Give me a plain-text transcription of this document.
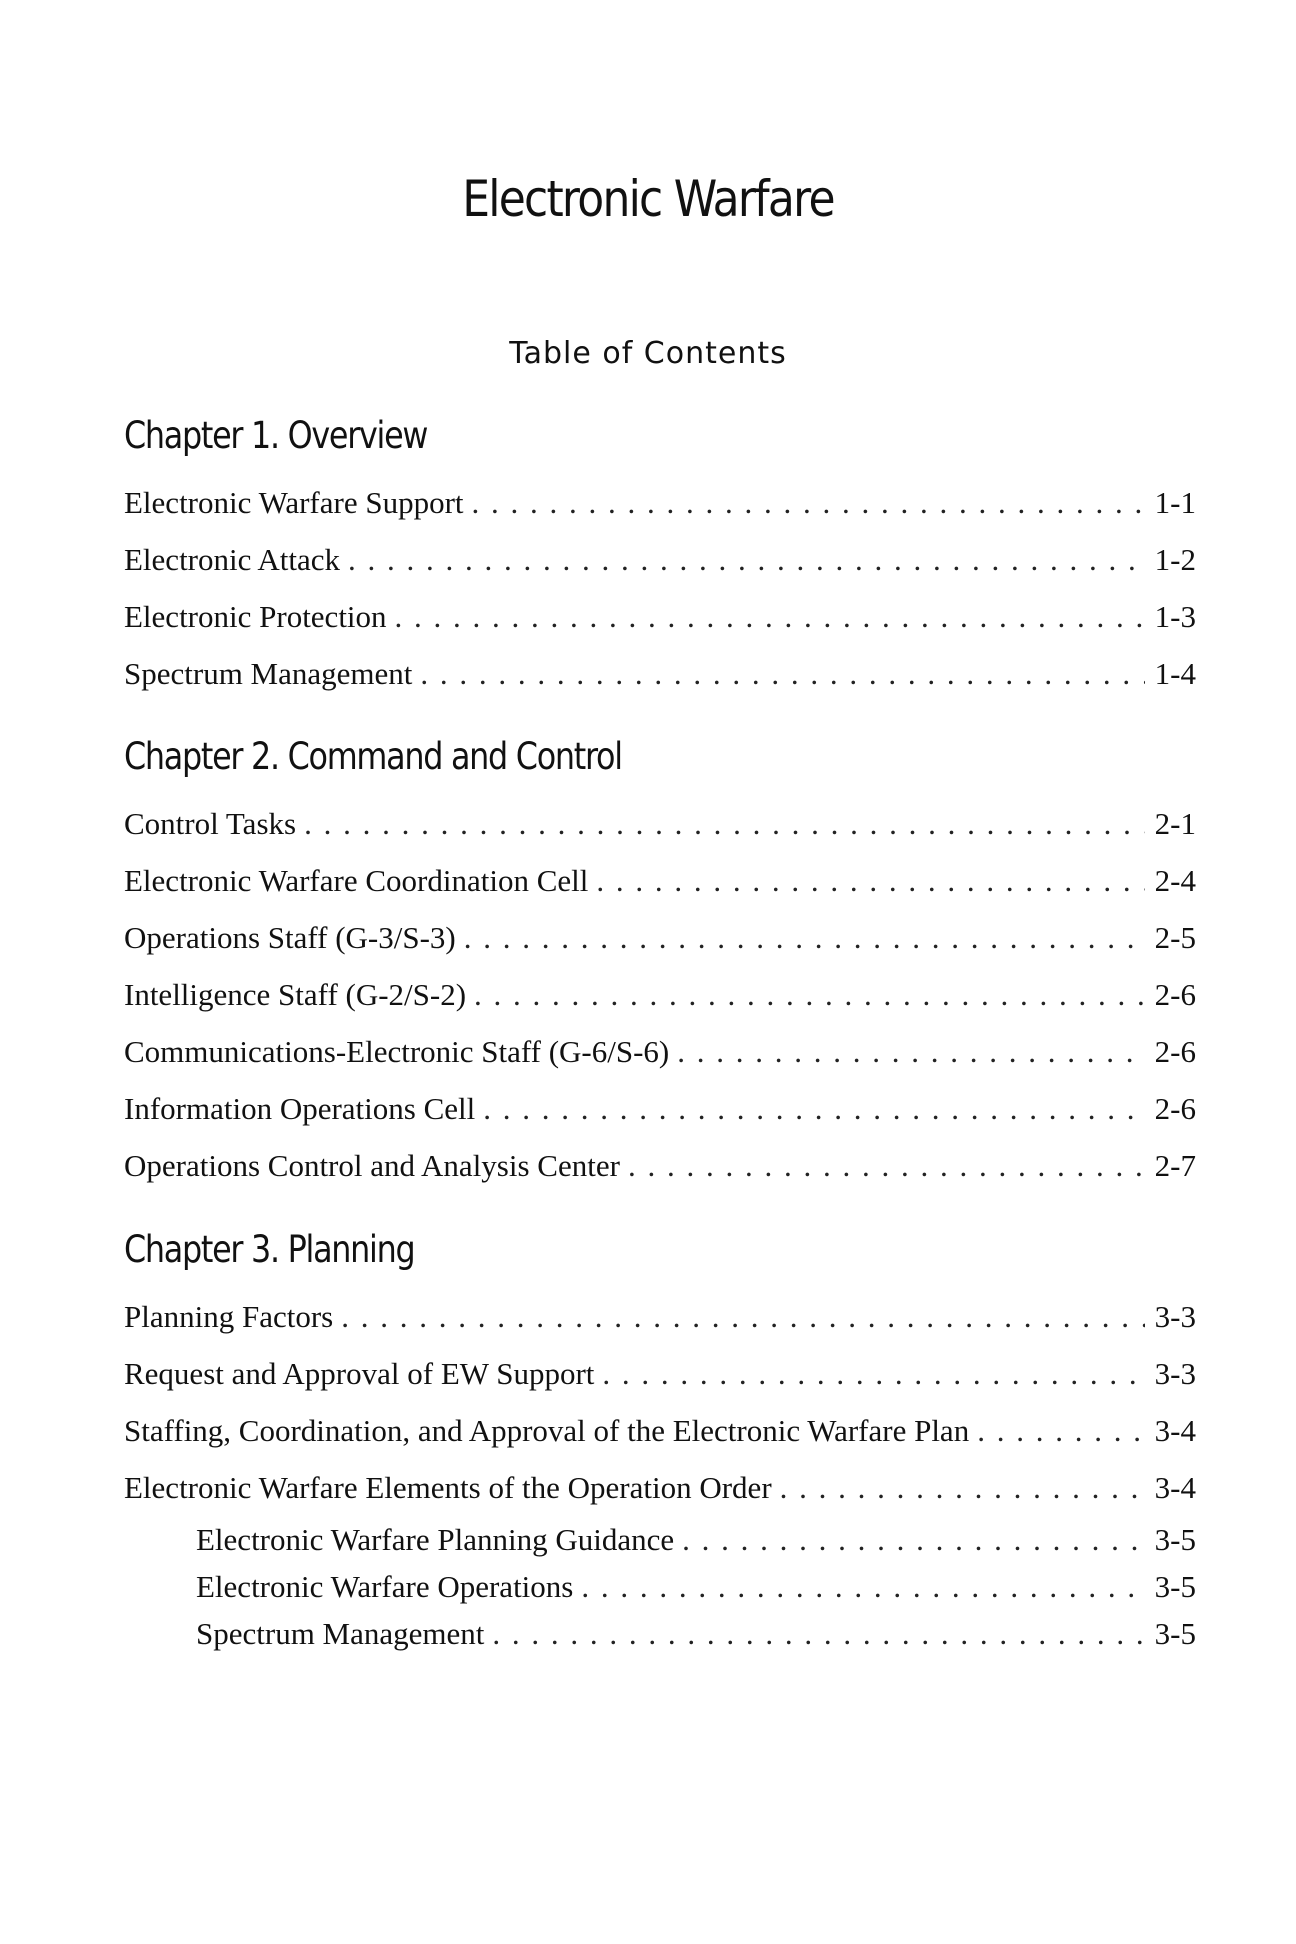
Electronic Warfare
Table of Contents
Chapter 1. Overview
Electronic Warfare Support . . .	1-1
Electronic Attack . . .	1-2
Electronic Protection . . .	1-3
Spectrum Management . . .	1-4
Chapter 2. Command and Control
Control Tasks . . .	2-1
Electronic Warfare Coordination Cell . . .	2-4
Operations Staff (G-3/S-3) . . .	2-5
Intelligence Staff (G-2/S-2) . . .	2-6
Communications-Electronic Staff (G-6/S-6) . . .	2-6
Information Operations Cell . . .	2-6
Operations Control and Analysis Center . . .	2-7
Chapter 3. Planning
Planning Factors . . .	3-3
Request and Approval of EW Support . . .	3-3
Staffing, Coordination, and Approval of the Electronic Warfare Plan . . .	3-4
Electronic Warfare Elements of the Operation Order . . .	3-4
Electronic Warfare Planning Guidance . . .	3-5
Electronic Warfare Operations . . .	3-5
Spectrum Management . . .	3-5
